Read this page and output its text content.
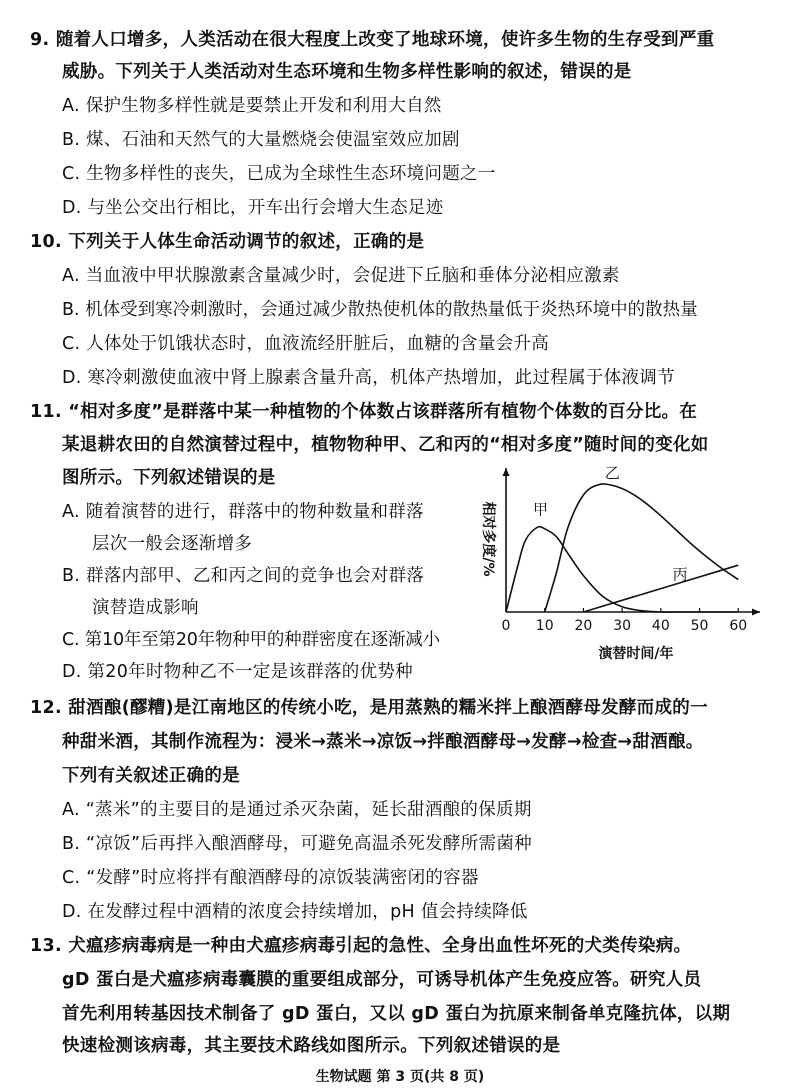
9. 随着人口增多，人类活动在很大程度上改变了地球环境，使许多生物的生存受到严重
威胁。下列关于人类活动对生态环境和生物多样性影响的叙述，错误的是
A. 保护生物多样性就是要禁止开发和利用大自然
B. 煤、石油和天然气的大量燃烧会使温室效应加剧
C. 生物多样性的丧失，已成为全球性生态环境问题之一
D. 与坐公交出行相比，开车出行会增大生态足迹
10. 下列关于人体生命活动调节的叙述，正确的是
A. 当血液中甲状腺激素含量减少时，会促进下丘脑和垂体分泌相应激素
B. 机体受到寒冷刺激时，会通过减少散热使机体的散热量低于炎热环境中的散热量
C. 人体处于饥饿状态时，血液流经肝脏后，血糖的含量会升高
D. 寒冷刺激使血液中肾上腺素含量升高，机体产热增加，此过程属于体液调节
11. “相对多度”是群落中某一种植物的个体数占该群落所有植物个体数的百分比。在
某退耕农田的自然演替过程中，植物物种甲、乙和丙的“相对多度”随时间的变化如
图所示。下列叙述错误的是
A. 随着演替的进行，群落中的物种数量和群落
层次一般会逐渐增多
B. 群落内部甲、乙和丙之间的竞争也会对群落
演替造成影响
C. 第10年至第20年物种甲的种群密度在逐渐减小
D. 第20年时物种乙不一定是该群落的优势种
0 10 20 30 40 50 60
演替时间/年
相对多度/% 甲
乙
丙
12. 甜酒酿(醪糟)是江南地区的传统小吃，是用蒸熟的糯米拌上酿酒酵母发酵而成的一
种甜米酒，其制作流程为：浸米→蒸米→凉饭→拌酿酒酵母→发酵→检查→甜酒酿。
下列有关叙述正确的是
A. “蒸米”的主要目的是通过杀灭杂菌，延长甜酒酿的保质期
B. “凉饭”后再拌入酿酒酵母，可避免高温杀死发酵所需菌种
C. “发酵”时应将拌有酿酒酵母的凉饭装满密闭的容器
D. 在发酵过程中酒精的浓度会持续增加，pH 值会持续降低
13. 犬瘟疹病毒病是一种由犬瘟疹病毒引起的急性、全身出血性坏死的犬类传染病。
gD 蛋白是犬瘟疹病毒囊膜的重要组成部分，可诱导机体产生免疫应答。研究人员
首先利用转基因技术制备了 gD 蛋白，又以 gD 蛋白为抗原来制备单克隆抗体，以期
快速检测该病毒，其主要技术路线如图所示。下列叙述错误的是
生物试题 第 3 页(共 8 页)
